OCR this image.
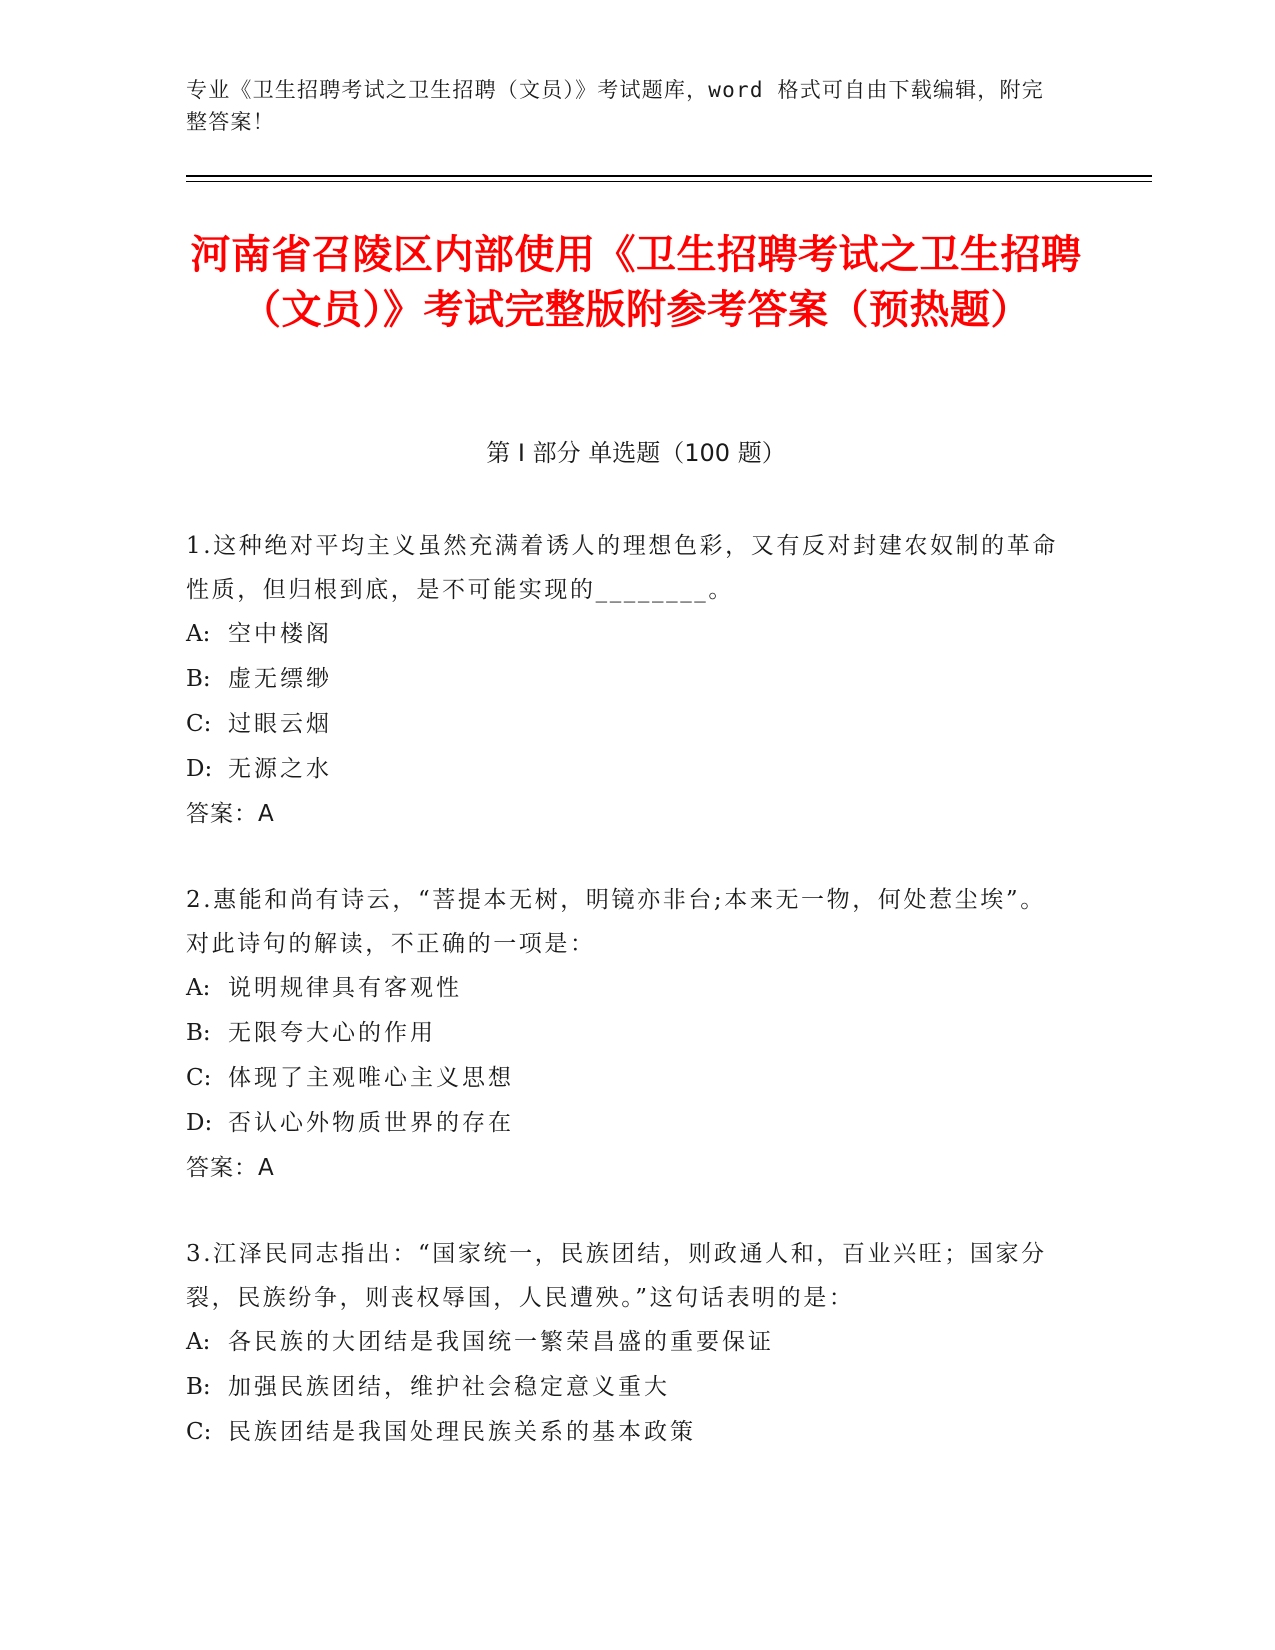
专业《卫生招聘考试之卫生招聘（文员）》考试题库，word 格式可自由下载编辑，附完整答案！
河南省召陵区内部使用《卫生招聘考试之卫生招聘（文员）》考试完整版附参考答案（预热题）
第 I 部分 单选题（100 题）

1.这种绝对平均主义虽然充满着诱人的理想色彩，又有反对封建农奴制的革命性质，但归根到底，是不可能实现的________。

A: 空中楼阁

B: 虚无缥缈

C: 过眼云烟

D: 无源之水

答案：A

2.惠能和尚有诗云，“菩提本无树，明镜亦非台;本来无一物，何处惹尘埃”。对此诗句的解读，不正确的一项是：

A: 说明规律具有客观性

B: 无限夸大心的作用

C: 体现了主观唯心主义思想

D: 否认心外物质世界的存在

答案：A

3.江泽民同志指出：“国家统一，民族团结，则政通人和，百业兴旺；国家分裂，民族纷争，则丧权辱国，人民遭殃。”这句话表明的是：

A: 各民族的大团结是我国统一繁荣昌盛的重要保证

B: 加强民族团结，维护社会稳定意义重大

C: 民族团结是我国处理民族关系的基本政策
